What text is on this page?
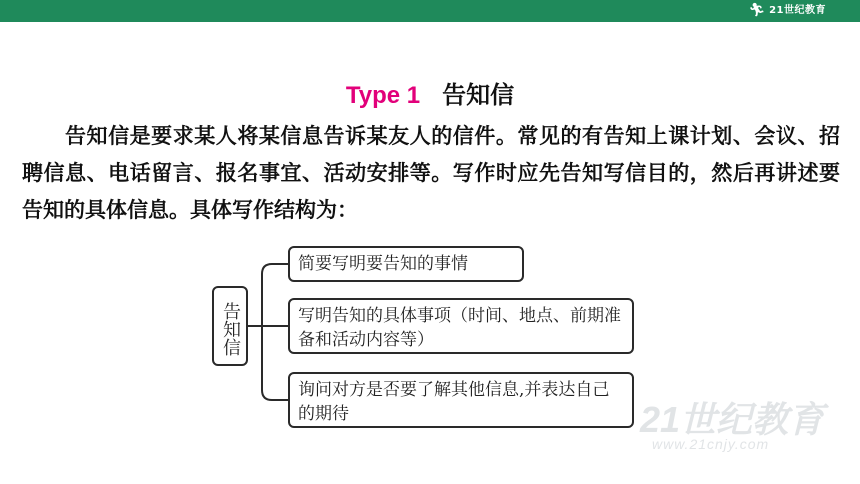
🏃︎ 21世纪教育
Type 1 告知信

告知信是要求某人将某信息告诉某友人的信件。常见的有告知上课计划、会议、招聘信息、电话留言、报名事宜、活动安排等。写作时应先告知写信目的，然后再讲述要告知的具体信息。具体写作结构为：

告知信
简要写明要告知的事情
写明告知的具体事项（时间、地点、前期准备和活动内容等）
询问对方是否要了解其他信息,并表达自己的期待	21世纪教育
www.21cnjy.com
